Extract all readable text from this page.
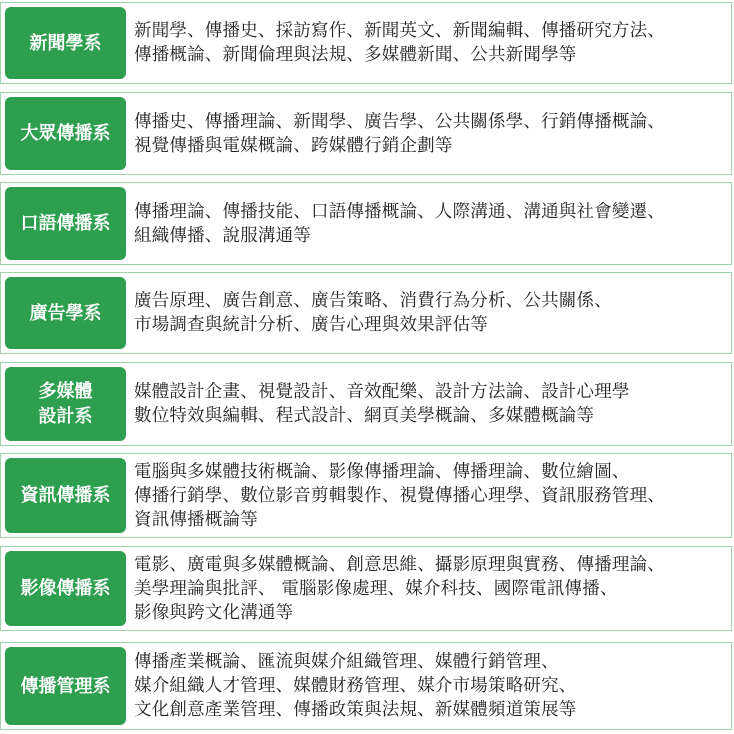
新聞學系
新聞學、傳播史、採訪寫作、新聞英文、新聞編輯、傳播研究方法、
傳播概論、新聞倫理與法規、多媒體新聞、公共新聞學等
大眾傳播系
傳播史、傳播理論、新聞學、廣告學、公共關係學、行銷傳播概論、
視覺傳播與電媒概論、跨媒體行銷企劃等
口語傳播系
傳播理論、傳播技能、口語傳播概論、人際溝通、溝通與社會變遷、
組織傳播、說服溝通等
廣告學系
廣告原理、廣告創意、廣告策略、消費行為分析、公共關係、
市場調查與統計分析、廣告心理與效果評估等
多媒體
設計系
媒體設計企畫、視覺設計、音效配樂、設計方法論、設計心理學
數位特效與編輯、程式設計、網頁美學概論、多媒體概論等
資訊傳播系
電腦與多媒體技術概論、影像傳播理論、傳播理論、數位繪圖、
傳播行銷學、數位影音剪輯製作、視覺傳播心理學、資訊服務管理、
資訊傳播概論等
影像傳播系
電影、廣電與多媒體概論、創意思維、攝影原理與實務、傳播理論、
美學理論與批評、 電腦影像處理、媒介科技、國際電訊傳播、
影像與跨文化溝通等
傳播管理系
傳播產業概論、匯流與媒介組織管理、媒體行銷管理、
媒介組織人才管理、媒體財務管理、媒介市場策略研究、
文化創意產業管理、傳播政策與法規、新媒體頻道策展等
